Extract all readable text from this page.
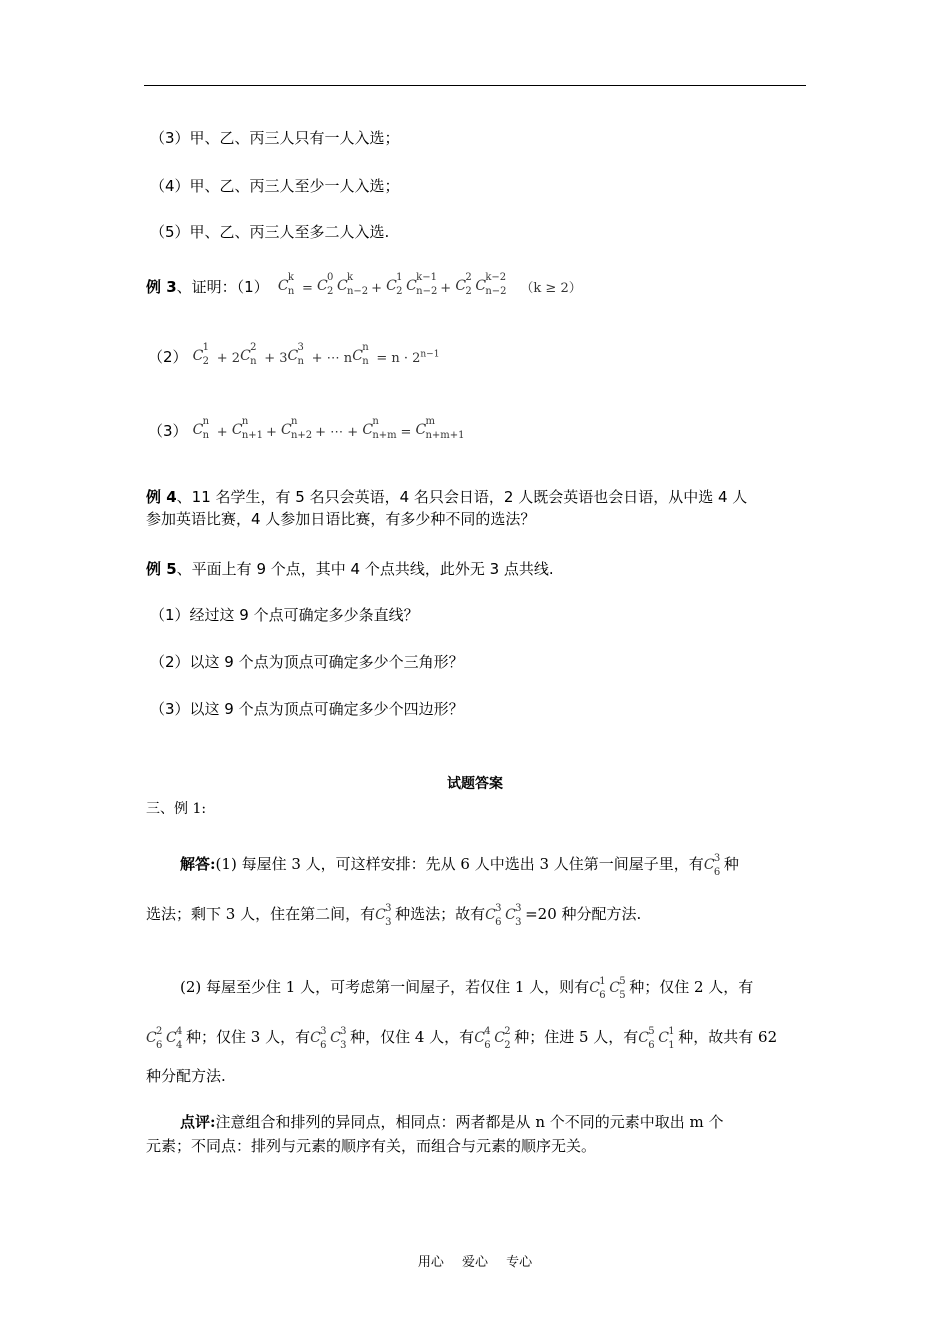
（3）甲、乙、丙三人只有一人入选；
（4）甲、乙、丙三人至少一人入选；
（5）甲、乙、丙三人至多二人入选.
例 3、证明：（1） C
k
n = C
0
2 C
k
n−2
+ C
1
2 C
k−1
n−2
+ C
2
2 C
k−2
n−2 （k ≥ 2）
（2） C
1
2 + 2 C
2
n + 3 C
3
n + ⋯ n C
n
$n = n \cdot 2^{n-1}$
（3） C
n
n + C
n
n+1
+ C
n
n+2
+ ⋯ + C
n
n+m = C
m
n+m+1
例 4、11 名学生，有 5 名只会英语，4 名只会日语，2 人既会英语也会日语，从中选 4 人
参加英语比赛，4 人参加日语比赛，有多少种不同的选法？
例 5、平面上有 9 个点，其中 4 个点共线，此外无 3 点共线.
（1）经过这 9 个点可确定多少条直线？
（2）以这 9 个点为顶点可确定多少个三角形？
（3）以这 9 个点为顶点可确定多少个四边形？
试题答案
三、例 1:
解答:(1) 每屋住 3 人，可这样安排：先从 6 人中选出 3 人住第一间屋子里，有 C 3
6 种
选法；剩下 3 人，住在第二间，有 C 3
3 种选法；故有 C 3
6 C 3
3 =20 种分配方法.
(2) 每屋至少住 1 人，可考虑第一间屋子，若仅住 1 人，则有 C 1
6 C 5
5 种；仅住 2 人，有
C 2
6 C 4
4 种；仅住 3 人，有 C 3
6 C 3
3 种，仅住 4 人，有 C 4
6 C 2
2 种；住进 5 人，有 C 5
6 C 1
1 种，故共有 62
种分配方法.
点评:注意组合和排列的异同点，相同点：两者都是从 n 个不同的元素中取出 m 个
元素；不同点：排列与元素的顺序有关，而组合与元素的顺序无关。
用心 爱心 专心
